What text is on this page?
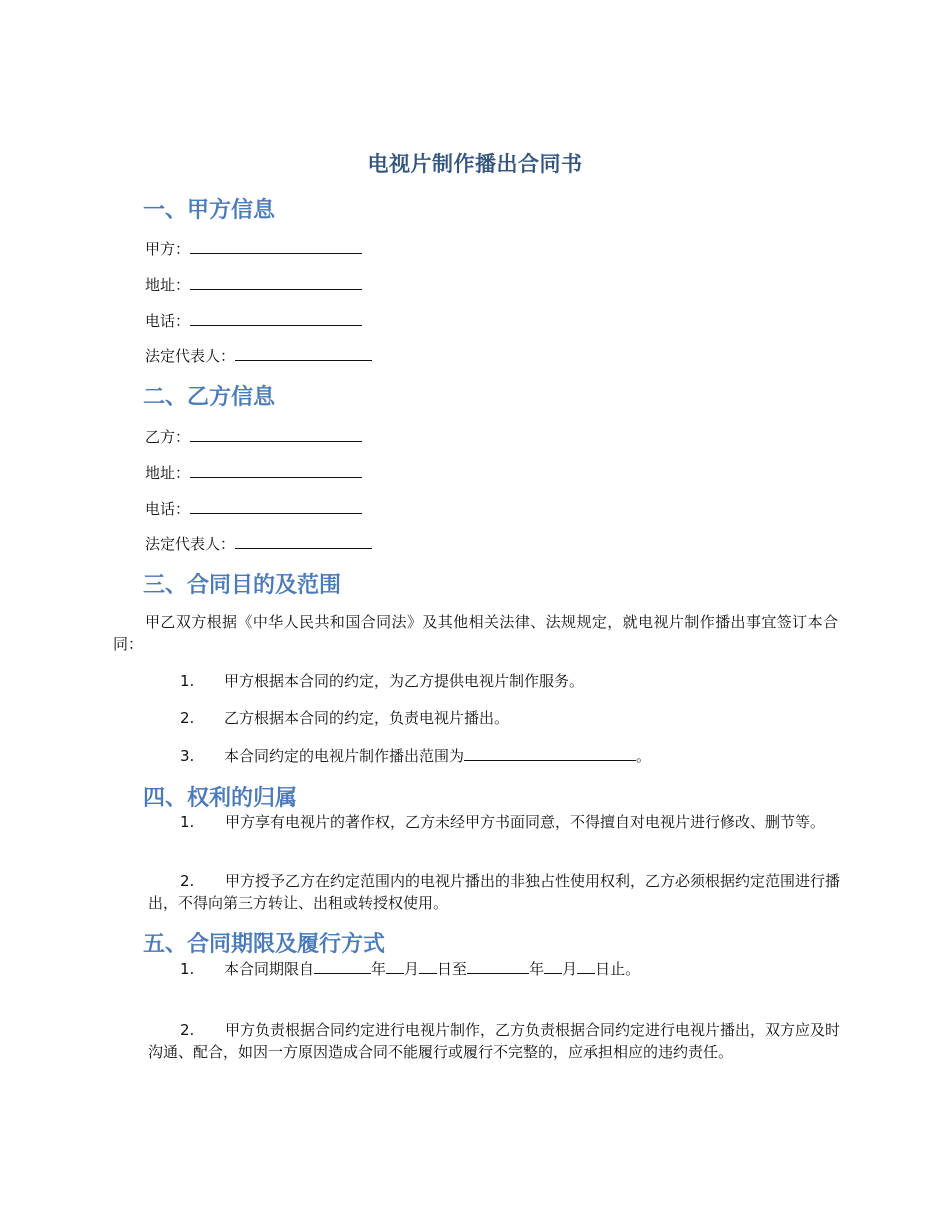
电视片制作播出合同书
一、甲方信息
甲方：
地址：
电话：
法定代表人：
二、乙方信息
乙方：
地址：
电话：
法定代表人：
三、合同目的及范围
甲乙双方根据《中华人民共和国合同法》及其他相关法律、法规规定，就电视片制作播出事宜签订本合同：
1. 甲方根据本合同的约定，为乙方提供电视片制作服务。
2. 乙方根据本合同的约定，负责电视片播出。
3. 本合同约定的电视片制作播出范围为	。
四、权利的归属
1.	甲方享有电视片的著作权，乙方未经甲方书面同意，不得擅自对电视片进行修改、删节等。
2.	甲方授予乙方在约定范围内的电视片播出的非独占性使用权利，乙方必须根据约定范围进行播出，不得向第三方转让、出租或转授权使用。
五、合同期限及履行方式
1. 本合同期限自	年 月 日至	年 月 日止。
2.	甲方负责根据合同约定进行电视片制作，乙方负责根据合同约定进行电视片播出，双方应及时沟通、配合，如因一方原因造成合同不能履行或履行不完整的，应承担相应的违约责任。
